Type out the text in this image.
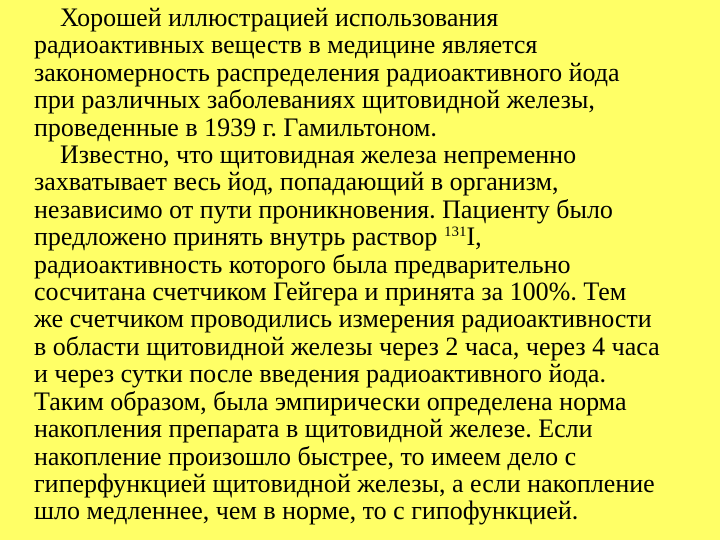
Хорошей иллюстрацией использования
радиоактивных веществ в медицине является
закономерность распределения радиоактивного йода
при различных заболеваниях щитовидной железы,
проведенные в 1939 г. Гамильтоном.
Известно, что щитовидная железа непременно
захватывает весь йод, попадающий в организм,
независимо от пути проникновения. Пациенту было
предложено принять внутрь раствор $^{131}$I,
радиоактивность которого была предварительно
сосчитана счетчиком Гейгера и принята за 100%. Тем
же счетчиком проводились измерения радиоактивности
в области щитовидной железы через 2 часа, через 4 часа
и через сутки после введения радиоактивного йода.
Таким образом, была эмпирически определена норма
накопления препарата в щитовидной железе. Если
накопление произошло быстрее, то имеем дело с
гиперфункцией щитовидной железы, а если накопление
шло медленнее, чем в норме, то с гипофункцией.
